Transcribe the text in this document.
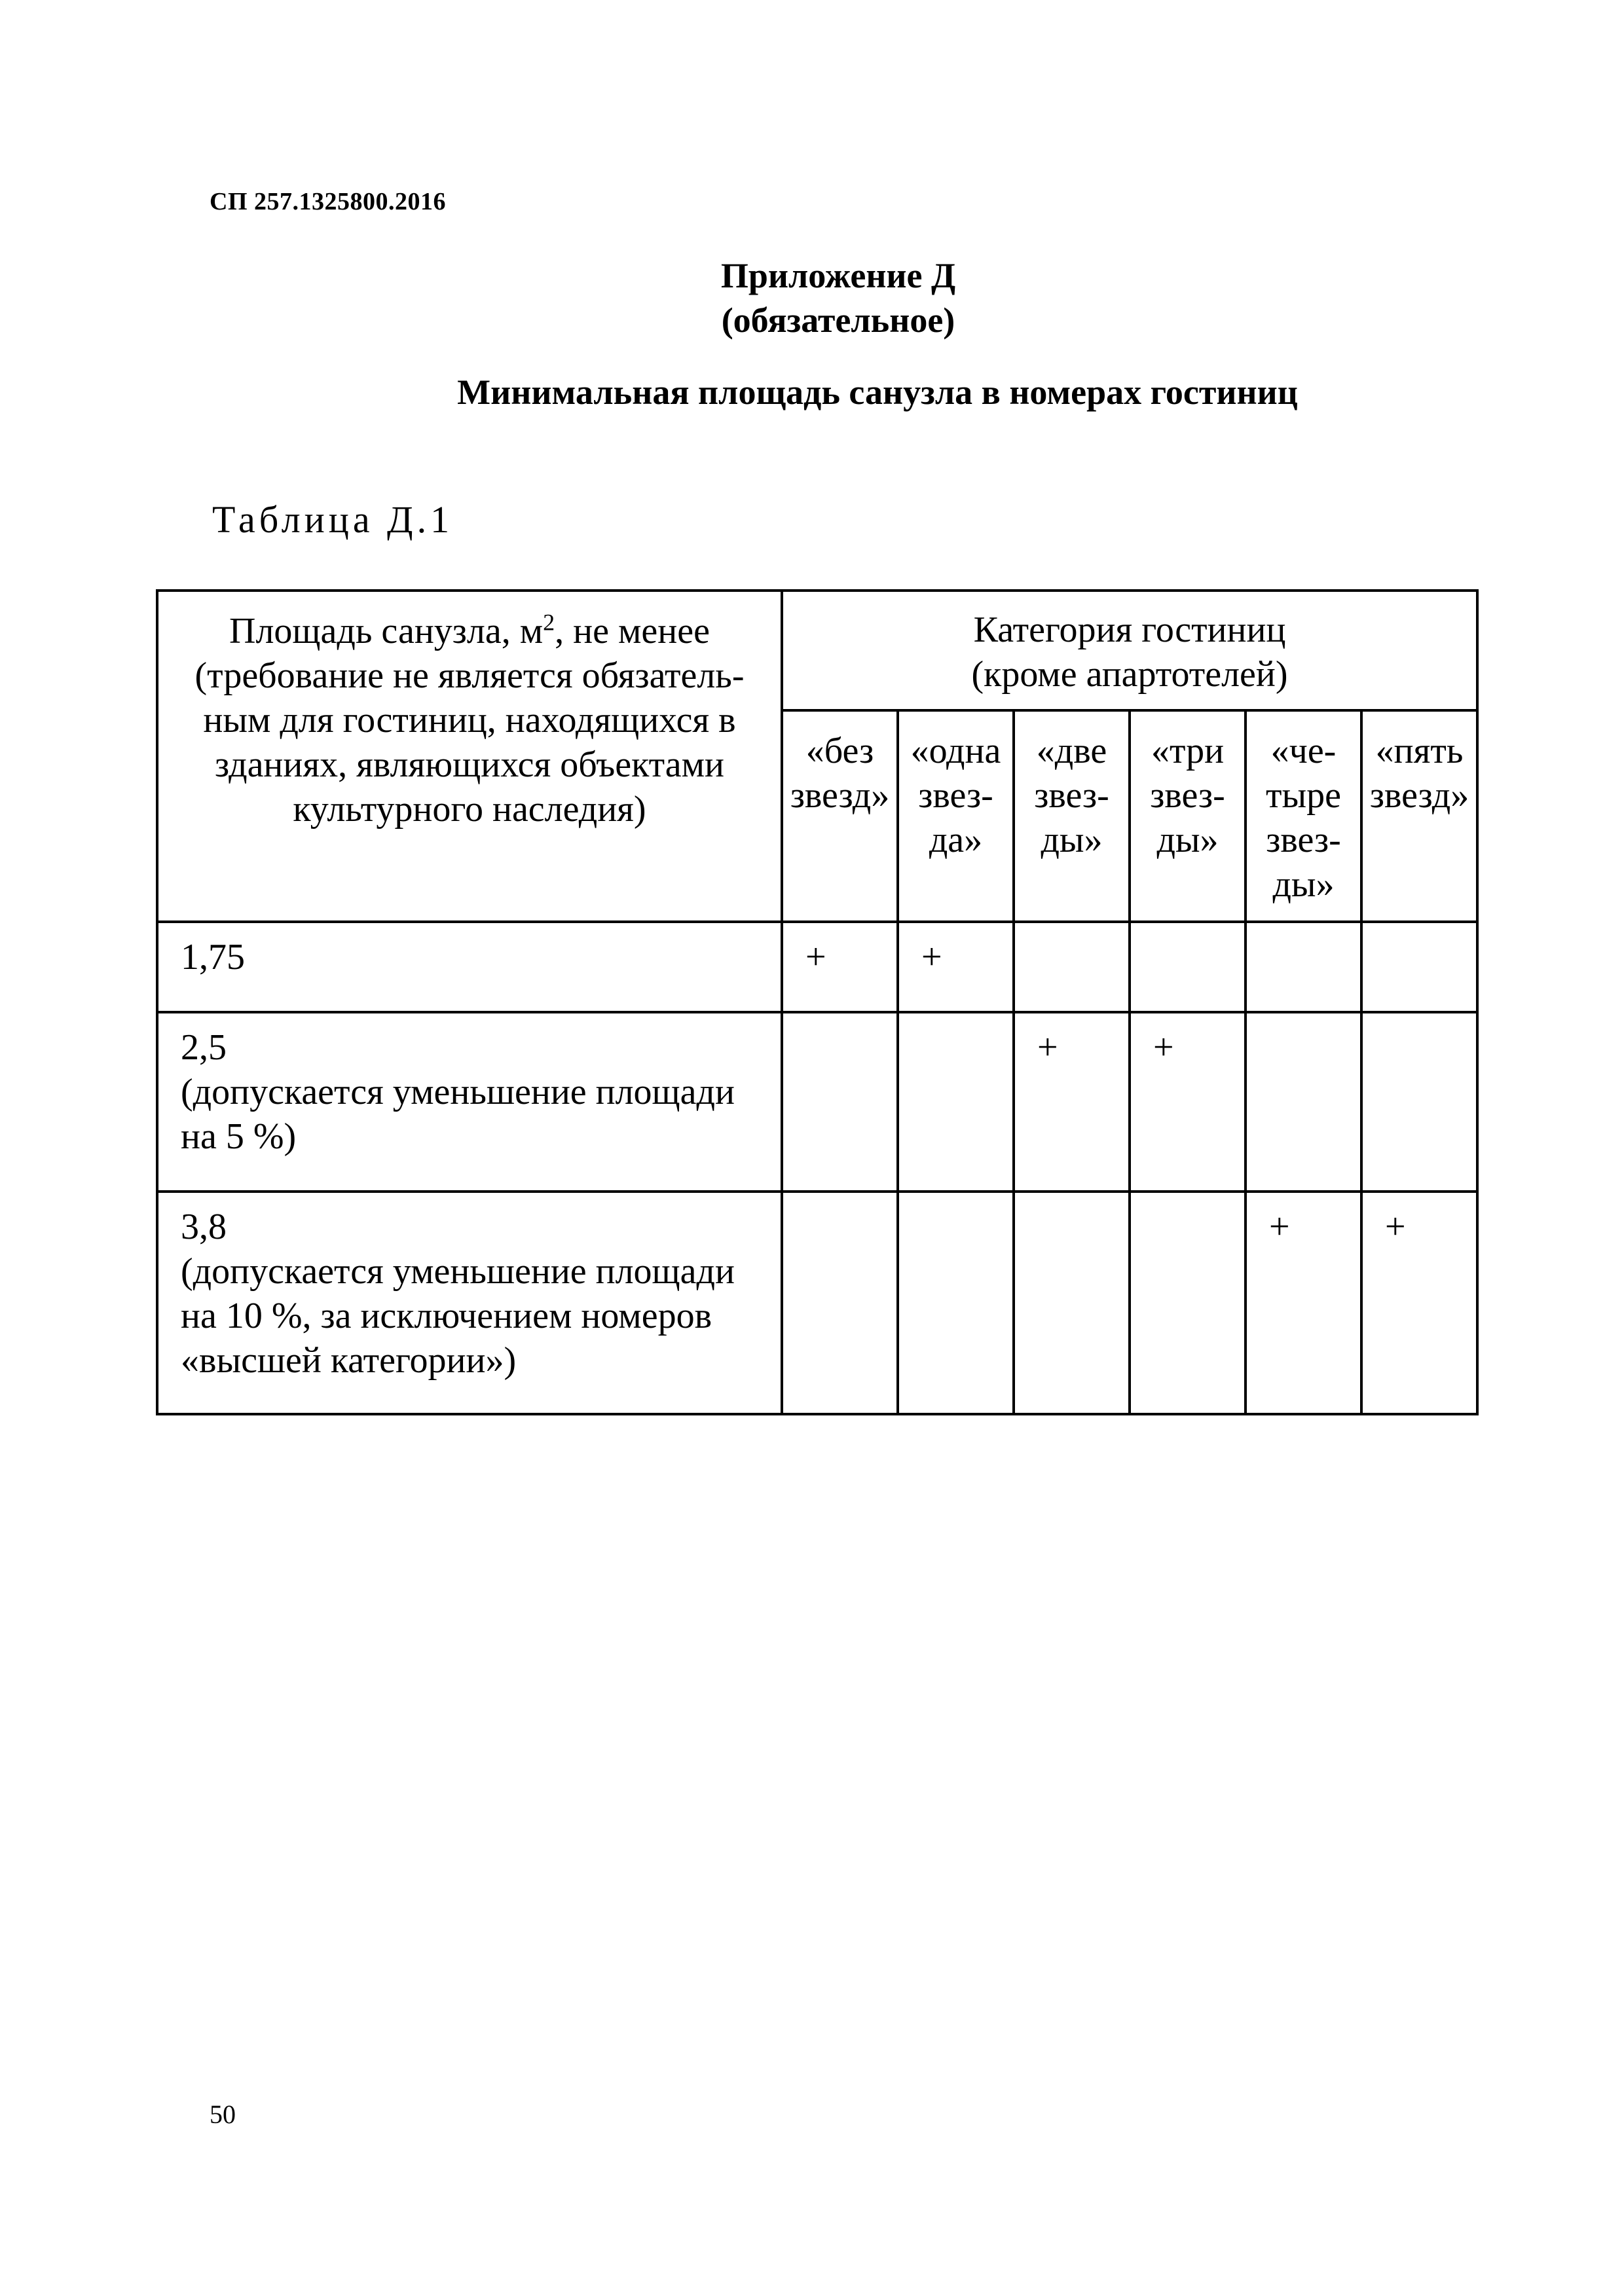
СП 257.1325800.2016
Приложение Д
(обязательное)
Минимальная площадь санузла в номерах гостиниц
Таблица Д.1
Площадь санузла, $м^2$, не менее
(требование не является обязатель-
ным для гостиниц, находящихся в
зданиях, являющихся объектами
культурного наследия)	Категория гостиниц
(кроме апартотелей)					

	«без
звезд»	«одна
звез-
да»	«две
звез-
ды»	«три
звез-
ды»	«че-
тыре
звез-
ды»	«пять
звезд»

1,75	+	+				

2,5
(допускается уменьшение площади
на 5 %)			+	+		

3,8
(допускается уменьшение площади
на 10 %, за исключением номеров
«высшей категории»)					+	+
50
